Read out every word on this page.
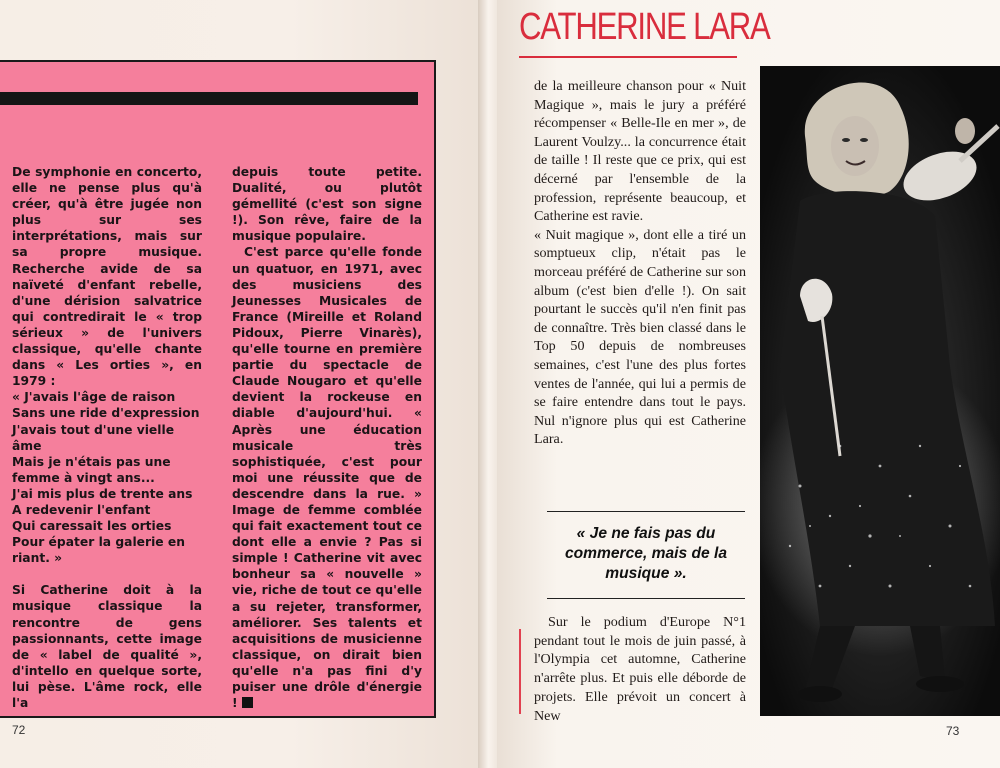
De symphonie en concerto, elle ne pense plus qu'à créer, qu'à être jugée non plus sur ses interprétations, mais sur sa propre musique. Recherche avide de sa naïveté d'enfant rebelle, d'une dérision salvatrice qui contredirait le « trop sérieux » de l'univers classique, qu'elle chante dans « Les orties », en 1979 :

« J'avais l'âge de raison
Sans une ride d'expression
J'avais tout d'une vielle âme
Mais je n'étais pas une femme à vingt ans...
J'ai mis plus de trente ans
A redevenir l'enfant
Qui caressait les orties
Pour épater la galerie en riant. »

Si Catherine doit à la musique classique la rencontre de gens passionnants, cette image de « label de qualité », d'intello en quelque sorte, lui pèse. L'âme rock, elle l'a

depuis toute petite. Dualité, ou plutôt gémellité (c'est son signe !). Son rêve, faire de la musique populaire.

C'est parce qu'elle fonde un quatuor, en 1971, avec des musiciens des Jeunesses Musicales de France (Mireille et Roland Pidoux, Pierre Vinarès), qu'elle tourne en première partie du spectacle de Claude Nougaro et qu'elle devient la rockeuse en diable d'aujourd'hui. « Après une éducation musicale très sophistiquée, c'est pour moi une réussite que de descendre dans la rue. » Image de femme comblée qui fait exactement tout ce dont elle a envie ? Pas si simple ! Catherine vit avec bonheur sa « nouvelle » vie, riche de tout ce qu'elle a su rejeter, transformer, améliorer. Ses talents et acquisitions de musicienne classique, on dirait bien qu'elle n'a pas fini d'y puiser une drôle d'énergie !

72
CATHERINE LARA

de la meilleure chanson pour « Nuit Magique », mais le jury a préféré récompenser « Belle-Ile en mer », de Laurent Voulzy... la concurrence était de taille ! Il reste que ce prix, qui est décerné par l'ensemble de la profession, représente beaucoup, et Catherine est ravie.

« Nuit magique », dont elle a tiré un somptueux clip, n'était pas le morceau préféré de Catherine sur son album (c'est bien d'elle !). On sait pourtant le succès qu'il n'en finit pas de connaître. Très bien classé dans le Top 50 depuis de nombreuses semaines, c'est l'une des plus fortes ventes de l'année, qui lui a permis de se faire entendre dans tout le pays. Nul n'ignore plus qui est Catherine Lara.

« Je ne fais pas du commerce, mais de la musique ».
Sur le podium d'Europe N°1 pendant tout le mois de juin passé, à l'Olympia cet automne, Catherine n'arrête plus. Et puis elle déborde de projets. Elle prévoit un concert à New
73
